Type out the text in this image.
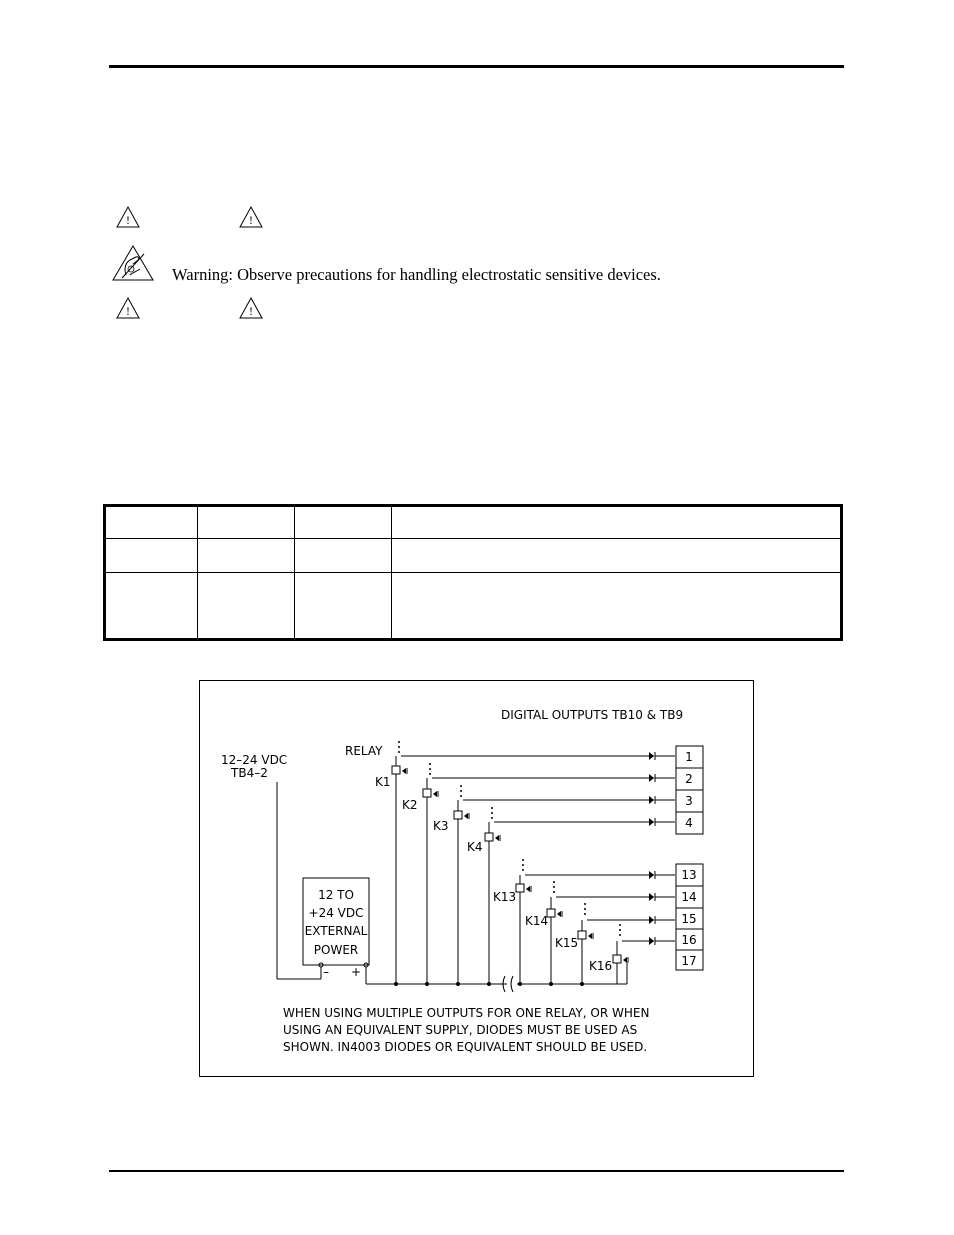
!	!
Warning: Observe precautions for handling electrostatic sensitive devices.
!	!

DIGITAL OUTPUTS TB10 & TB9
12–24 VDC
TB4–2
RELAY
12 TO
+24 VDC
EXTERNAL
POWER
– +
K1
K2
K3
K4
K13
K14
K15
K16
1
2
3
4
13
14
15
16
17
WHEN USING MULTIPLE OUTPUTS FOR ONE RELAY, OR WHEN
USING AN EQUIVALENT SUPPLY, DIODES MUST BE USED AS
SHOWN. IN4003 DIODES OR EQUIVALENT SHOULD BE USED.
